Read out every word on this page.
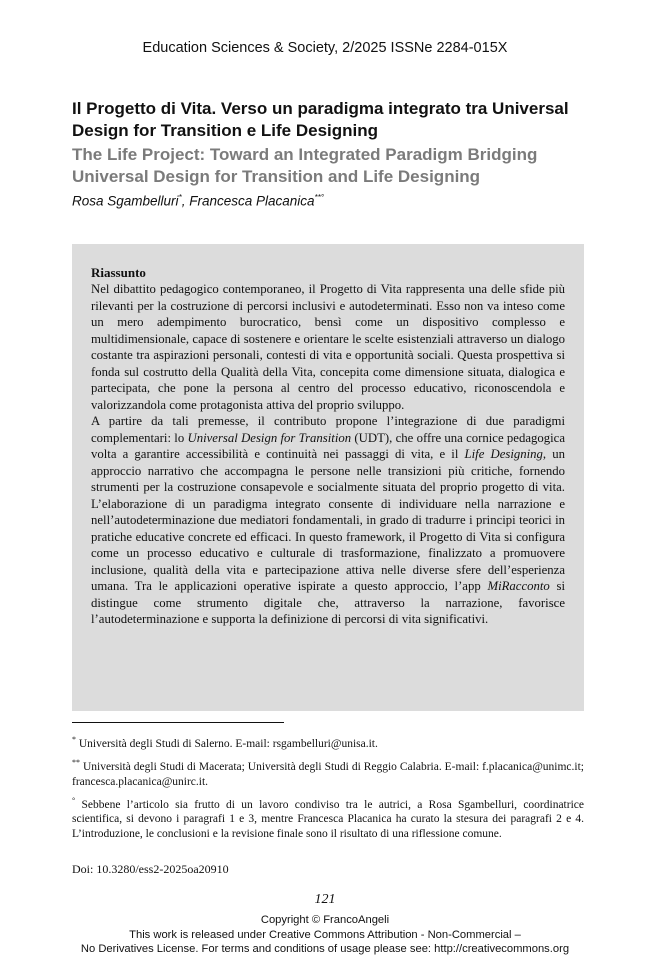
Education Sciences & Society, 2/2025 ISSNe 2284-015X
Il Progetto di Vita. Verso un paradigma integrato tra Universal Design for Transition e Life Designing
The Life Project: Toward an Integrated Paradigm Bridging Universal Design for Transition and Life Designing

Rosa Sgambelluri*, Francesca Placanica**°

Riassunto

Nel dibattito pedagogico contemporaneo, il Progetto di Vita rappresenta una delle sfide più rilevanti per la costruzione di percorsi inclusivi e autodeterminati. Esso non va inteso come un mero adempimento burocratico, bensì come un dispositivo complesso e multidimensionale, capace di sostenere e orientare le scelte esistenziali attraverso un dialogo costante tra aspirazioni personali, contesti di vita e opportunità sociali. Questa prospettiva si fonda sul costrutto della Qualità della Vita, concepita come dimensione situata, dialogica e partecipata, che pone la persona al centro del processo educativo, riconoscendola e valorizzandola come protagonista attiva del proprio sviluppo.

A partire da tali premesse, il contributo propone l’integrazione di due paradigmi complementari: lo Universal Design for Transition (UDT), che offre una cornice pedagogica volta a garantire accessibilità e continuità nei passaggi di vita, e il Life Designing, un approccio narrativo che accompagna le persone nelle transizioni più critiche, fornendo strumenti per la costruzione consapevole e socialmente situata del proprio progetto di vita. L’elaborazione di un paradigma integrato consente di individuare nella narrazione e nell’autodeterminazione due mediatori fondamentali, in grado di tradurre i principi teorici in pratiche educative concrete ed efficaci. In questo framework, il Progetto di Vita si configura come un processo educativo e culturale di trasformazione, finalizzato a promuovere inclusione, qualità della vita e partecipazione attiva nelle diverse sfere dell’esperienza umana. Tra le applicazioni operative ispirate a questo approccio, l’app MiRacconto si distingue come strumento digitale che, attraverso la narrazione, favorisce l’autodeterminazione e supporta la definizione di percorsi di vita significativi.

* Università degli Studi di Salerno. E-mail: rsgambelluri@unisa.it.

** Università degli Studi di Macerata; Università degli Studi di Reggio Calabria. E-mail: f.placanica@unimc.it; francesca.placanica@unirc.it.

° Sebbene l’articolo sia frutto di un lavoro condiviso tra le autrici, a Rosa Sgambelluri, coordinatrice scientifica, si devono i paragrafi 1 e 3, mentre Francesca Placanica ha curato la stesura dei paragrafi 2 e 4. L’introduzione, le conclusioni e la revisione finale sono il risultato di una riflessione comune.

Doi: 10.3280/ess2-2025oa20910
121
Copyright © FrancoAngeli
This work is released under Creative Commons Attribution - Non-Commercial –
No Derivatives License. For terms and conditions of usage please see: http://creativecommons.org
